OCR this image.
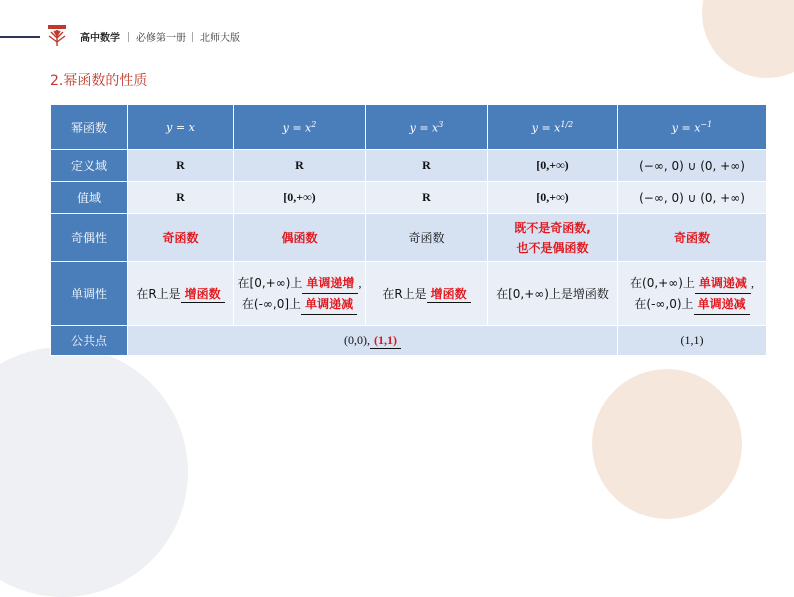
高中数学 必修第一册 北师大版
2.幂函数的性质
幂函数	y = x	$y = x^2$	$y = x^3$	$y = x^{1/2}$	$y = x^{-1}$
定义域	R	R	R	[0,+∞)	(−∞, 0) ∪ (0, +∞)
值域	R	[0,+∞)	R	[0,+∞)	(−∞, 0) ∪ (0, +∞)
奇偶性	奇函数	偶函数	奇函数	既不是奇函数,
也不是偶函数	奇函数
单调性	在R上是 增函数	在[0,+∞)上 单调递增 ,
在(-∞,0]上 单调递减	在R上是 增函数	在[0,+∞)上是增函数	在(0,+∞)上 单调递减 ,
在(-∞,0)上 单调递减

公共点	(0,0), (1,1)				(1,1)
